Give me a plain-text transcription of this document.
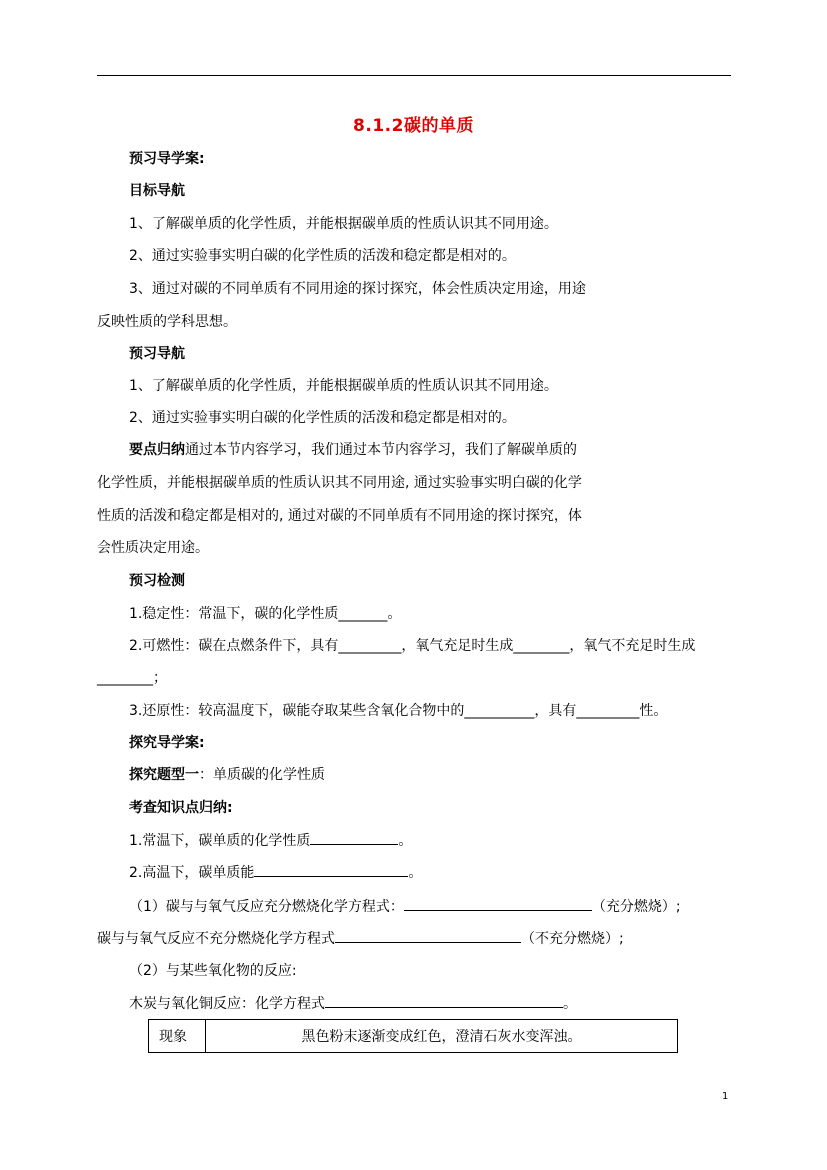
8.1.2碳的单质
预习导学案:
目标导航
1、了解碳单质的化学性质，并能根据碳单质的性质认识其不同用途。
2、通过实验事实明白碳的化学性质的活泼和稳定都是相对的。
3、通过对碳的不同单质有不同用途的探讨探究，体会性质决定用途，用途
反映性质的学科思想。
预习导航
1、了解碳单质的化学性质，并能根据碳单质的性质认识其不同用途。
2、通过实验事实明白碳的化学性质的活泼和稳定都是相对的。
要点归纳通过本节内容学习，我们通过本节内容学习，我们了解碳单质的
化学性质，并能根据碳单质的性质认识其不同用途, 通过实验事实明白碳的化学
性质的活泼和稳定都是相对的, 通过对碳的不同单质有不同用途的探讨探究，体
会性质决定用途。
预习检测
1.稳定性：常温下，碳的化学性质_______。
2.可燃性：碳在点燃条件下，具有_________，氧气充足时生成________，氧气不充足时生成
________；
3.还原性：较高温度下，碳能夺取某些含氧化合物中的__________，具有_________性。
探究导学案:
探究题型一：单质碳的化学性质
考查知识点归纳:
1.常温下，碳单质的化学性质	。
2.高温下，碳单质能	。
（1）碳与与氧气反应充分燃烧化学方程式：	（充分燃烧）;
碳与与氧气反应不充分燃烧化学方程式	（不充分燃烧）;
（2）与某些氧化物的反应:
木炭与氧化铜反应：化学方程式	。
现象	黑色粉末逐渐变成红色，澄清石灰水变浑浊。
1
